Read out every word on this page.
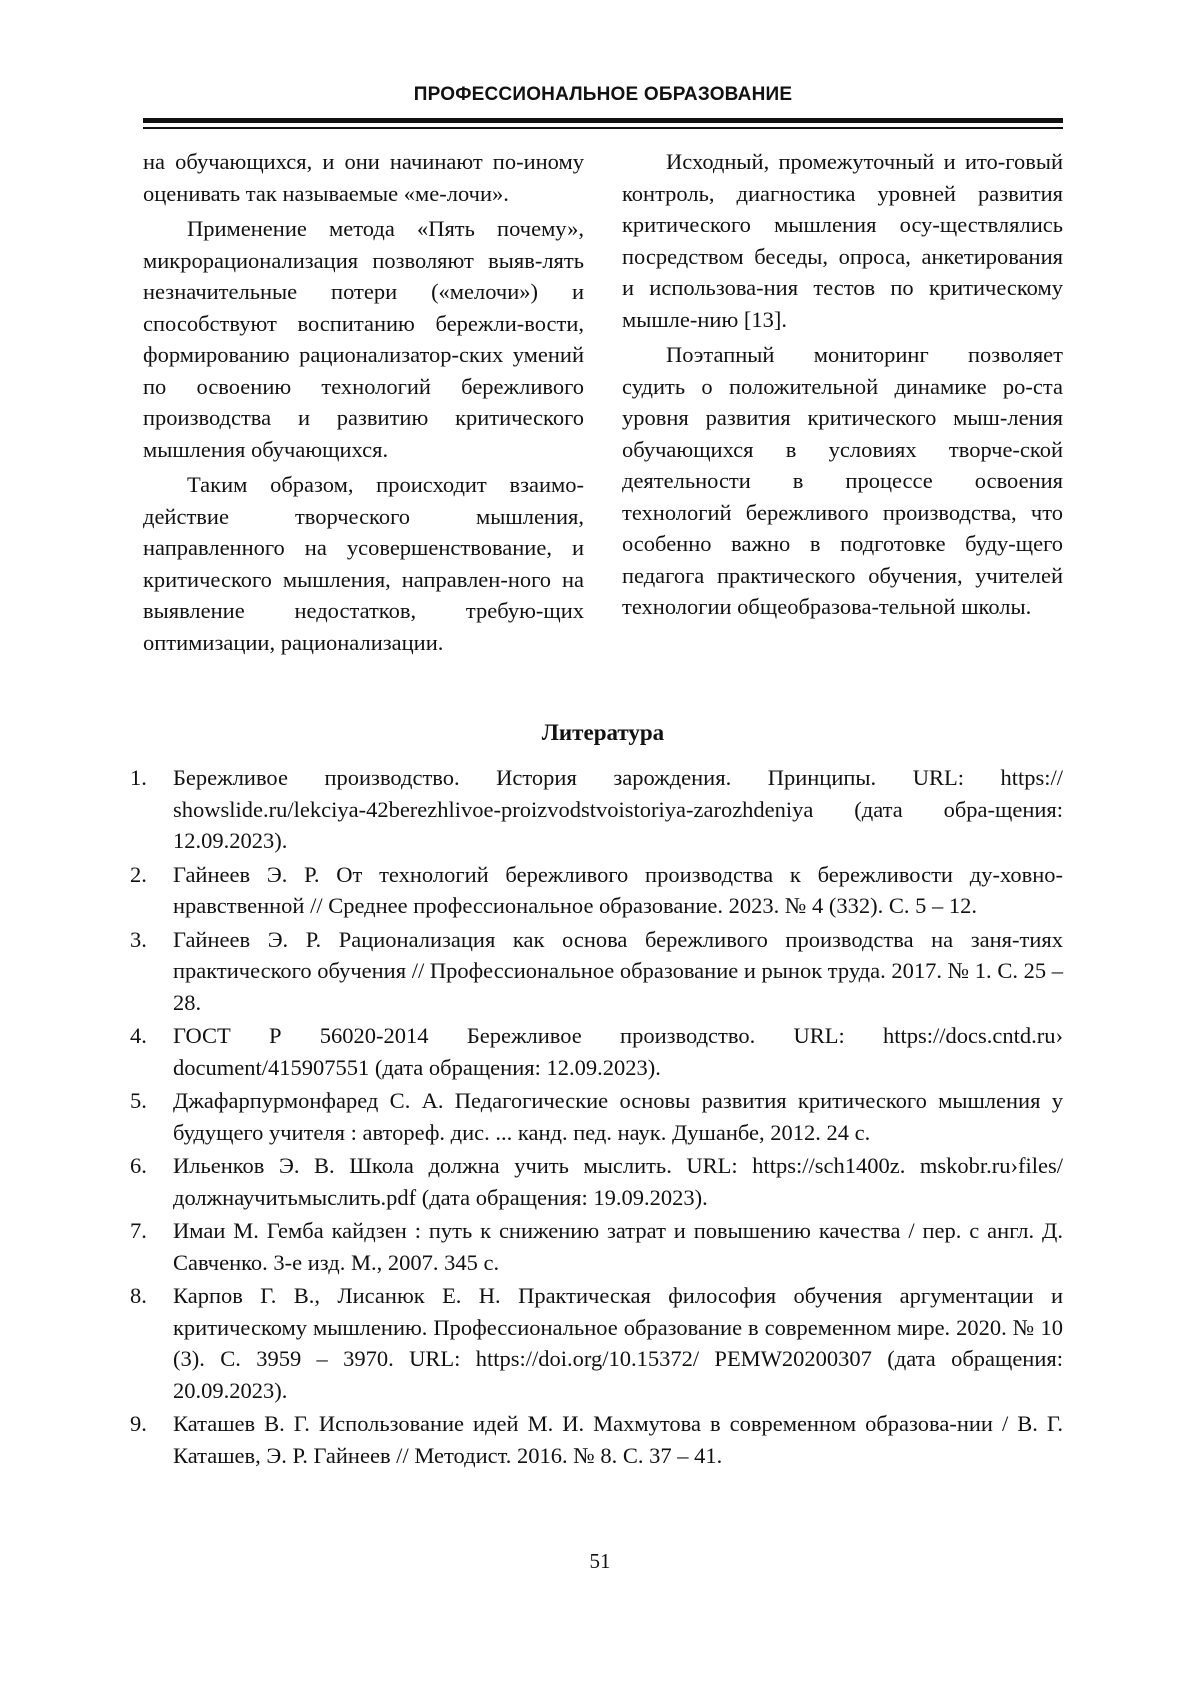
ПРОФЕССИОНАЛЬНОЕ ОБРАЗОВАНИЕ

на обучающихся, и они начинают по-иному оценивать так называемые «ме-лочи».

Применение метода «Пять почему», микрорационализация позволяют выяв-лять незначительные потери («мелочи») и способствуют воспитанию бережли-вости, формированию рационализатор-ских умений по освоению технологий бережливого производства и развитию критического мышления обучающихся.

Таким образом, происходит взаимо-действие творческого мышления, направленного на усовершенствование, и критического мышления, направлен-ного на выявление недостатков, требую-щих оптимизации, рационализации.

Исходный, промежуточный и ито-говый контроль, диагностика уровней развития критического мышления осу-ществлялись посредством беседы, опроса, анкетирования и использова-ния тестов по критическому мышле-нию [13].

Поэтапный мониторинг позволяет судить о положительной динамике ро-ста уровня развития критического мыш-ления обучающихся в условиях творче-ской деятельности в процессе освоения технологий бережливого производства, что особенно важно в подготовке буду-щего педагога практического обучения, учителей технологии общеобразова-тельной школы.

Литература
1. Бережливое производство. История зарождения. Принципы. URL: https:// showslide.ru/lekciya-42berezhlivoe-proizvodstvoistoriya-zarozhdeniya (дата обра-щения: 12.09.2023).
2. Гайнеев Э. Р. От технологий бережливого производства к бережливости ду-ховно-нравственной // Среднее профессиональное образование. 2023. № 4 (332). С. 5 – 12.
3. Гайнеев Э. Р. Рационализация как основа бережливого производства на заня-тиях практического обучения // Профессиональное образование и рынок труда. 2017. № 1. С. 25 – 28.
4. ГОСТ Р 56020-2014 Бережливое производство. URL: https://docs.cntd.ru› document/415907551 (дата обращения: 12.09.2023).
5. Джафарпурмонфаред С. А. Педагогические основы развития критического мышления у будущего учителя : автореф. дис. ... канд. пед. наук. Душанбе, 2012. 24 с.
6. Ильенков Э. В. Школа должна учить мыслить. URL: https://sch1400z. mskobr.ru›files/должнаучитьмыслить.pdf (дата обращения: 19.09.2023).
7. Имаи М. Гемба кайдзен : путь к снижению затрат и повышению качества / пер. с англ. Д. Савченко. 3-е изд. М., 2007. 345 с.
8. Карпов Г. В., Лисанюк Е. Н. Практическая философия обучения аргументации и критическому мышлению. Профессиональное образование в современном мире. 2020. № 10 (3). С. 3959 – 3970. URL: https://doi.org/10.15372/ PEMW20200307 (дата обращения: 20.09.2023).
9. Каташев В. Г. Использование идей М. И. Махмутова в современном образова-нии / В. Г. Каташев, Э. Р. Гайнеев // Методист. 2016. № 8. С. 37 – 41.
51
